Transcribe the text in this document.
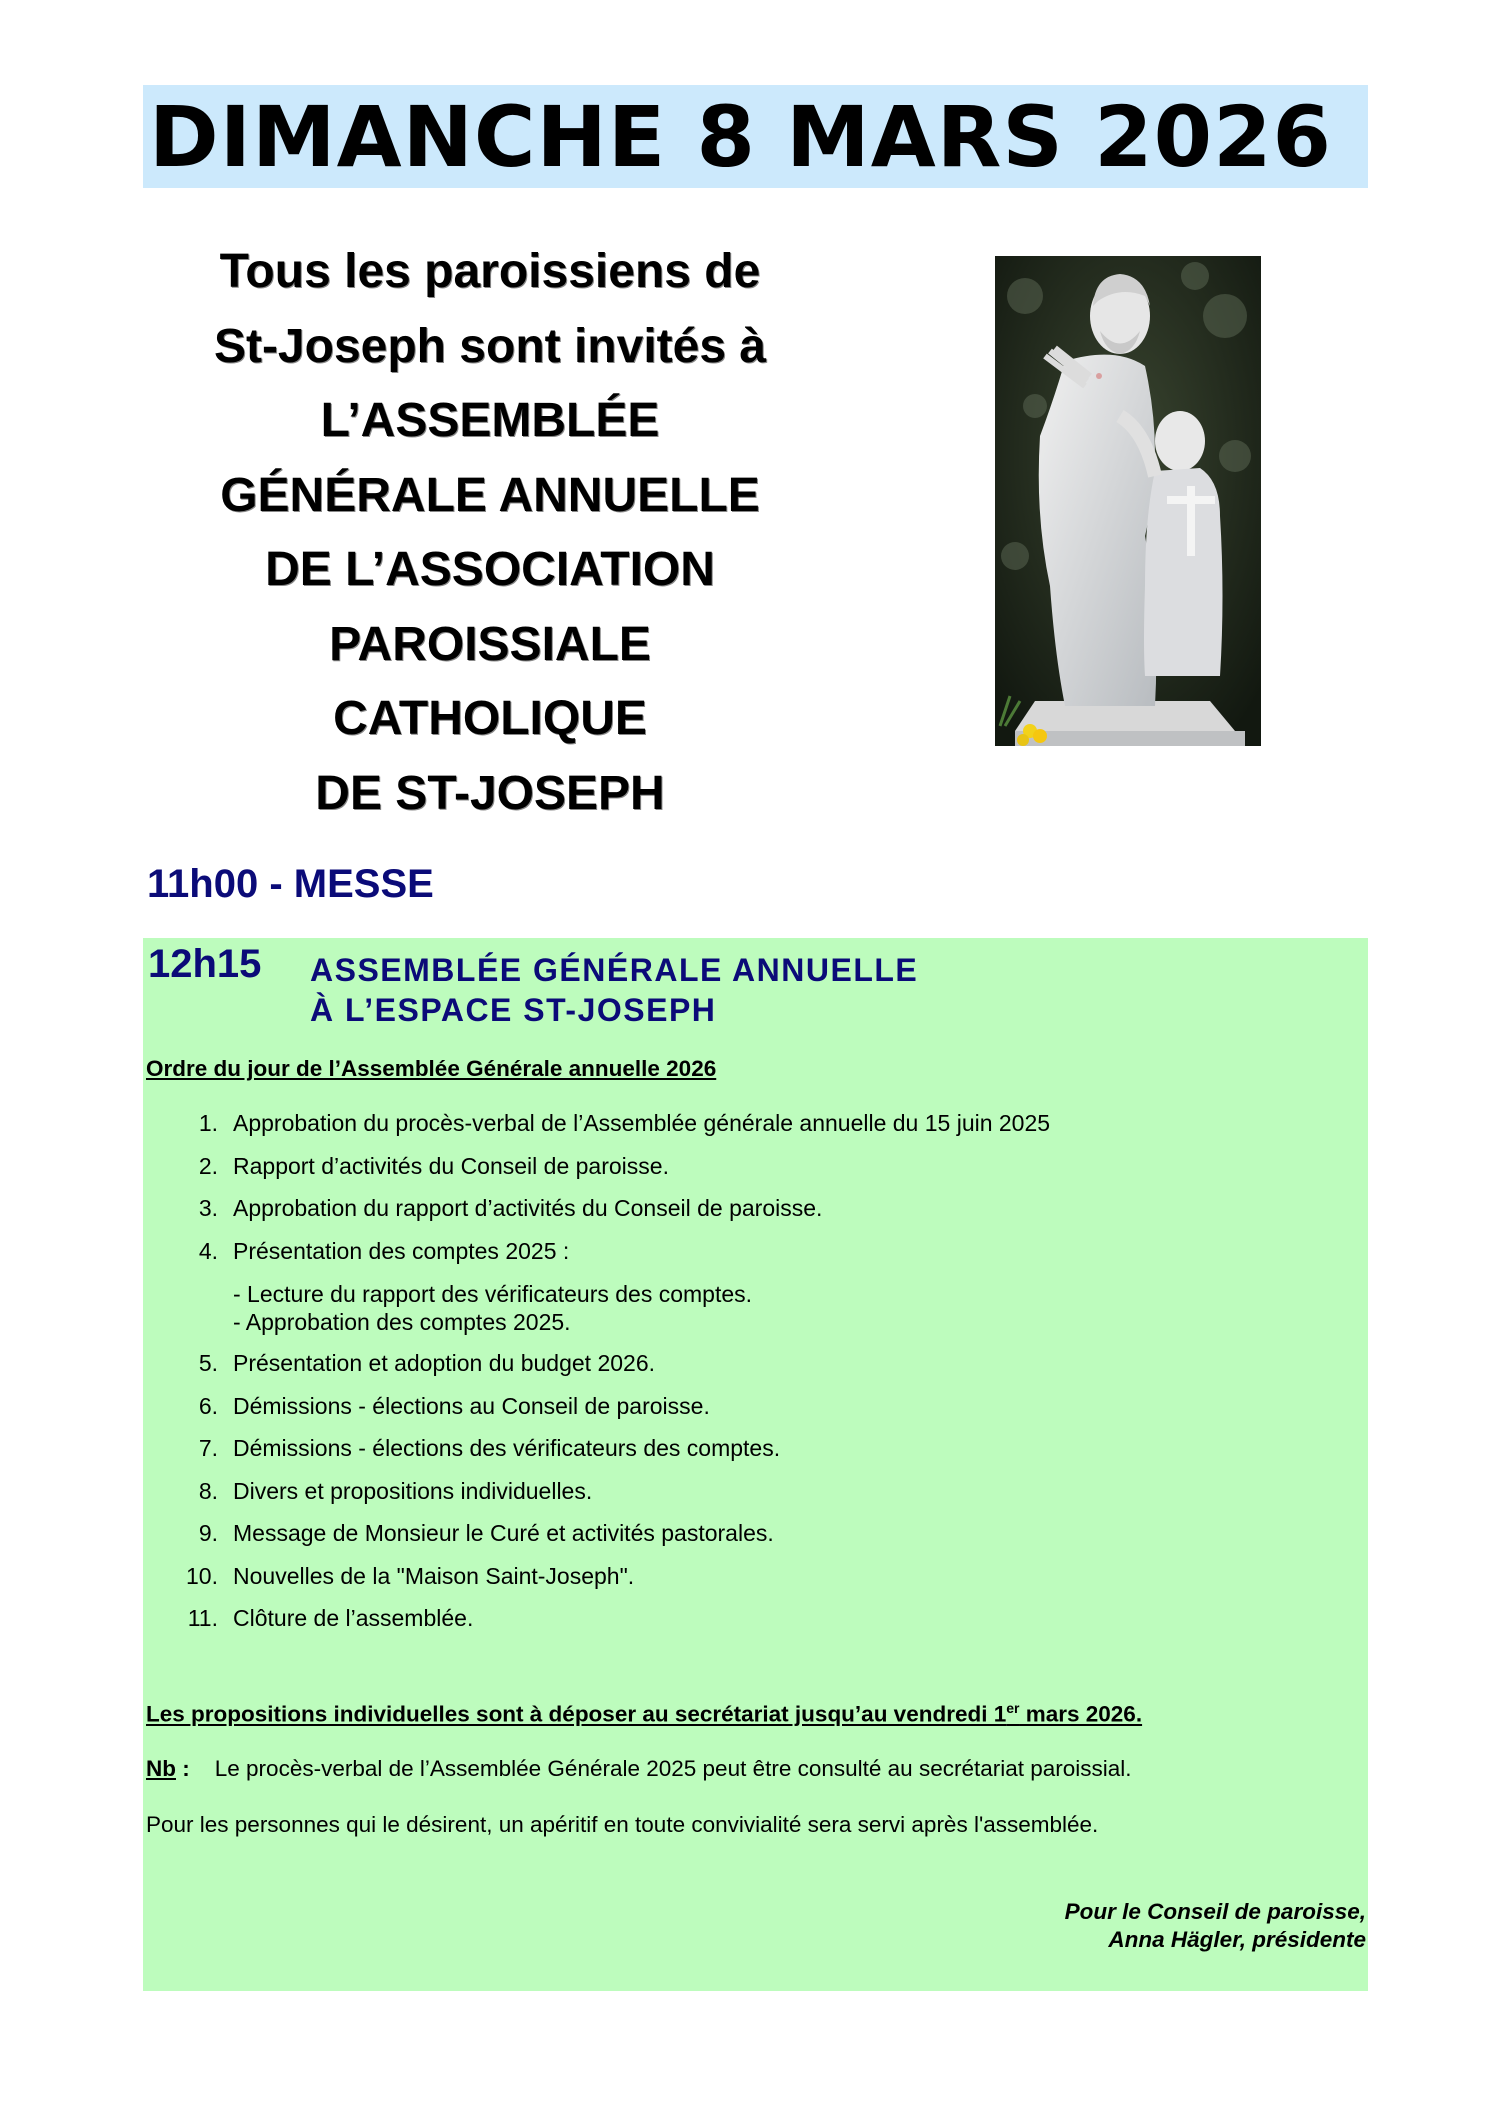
DIMANCHE 8 MARS 2026
Tous les paroissiens de
St-Joseph sont invités à
L’ASSEMBLÉE
GÉNÉRALE ANNUELLE
DE L’ASSOCIATION
PAROISSIALE
CATHOLIQUE
DE ST-JOSEPH
11h00 - MESSE
12h15 ASSEMBLÉE GÉNÉRALE ANNUELLE
À L’ESPACE ST-JOSEPH
Ordre du jour de l’Assemblée Générale annuelle 2026
1. Approbation du procès-verbal de l’Assemblée générale annuelle du 15 juin 2025
2. Rapport d’activités du Conseil de paroisse.
3. Approbation du rapport d’activités du Conseil de paroisse.
4. Présentation des comptes 2025 :
- Lecture du rapport des vérificateurs des comptes.
- Approbation des comptes 2025.
5. Présentation et adoption du budget 2026.
6. Démissions - élections au Conseil de paroisse.
7. Démissions - élections des vérificateurs des comptes.
8. Divers et propositions individuelles.
9. Message de Monsieur le Curé et activités pastorales.
10. Nouvelles de la "Maison Saint-Joseph".
11. Clôture de l’assemblée.
Les propositions individuelles sont à déposer au secrétariat jusqu’au vendredi 1er mars 2026.
Nb : Le procès-verbal de l’Assemblée Générale 2025 peut être consulté au secrétariat paroissial.
Pour les personnes qui le désirent, un apéritif en toute convivialité sera servi après l'assemblée.
Pour le Conseil de paroisse,
Anna Hägler, présidente
